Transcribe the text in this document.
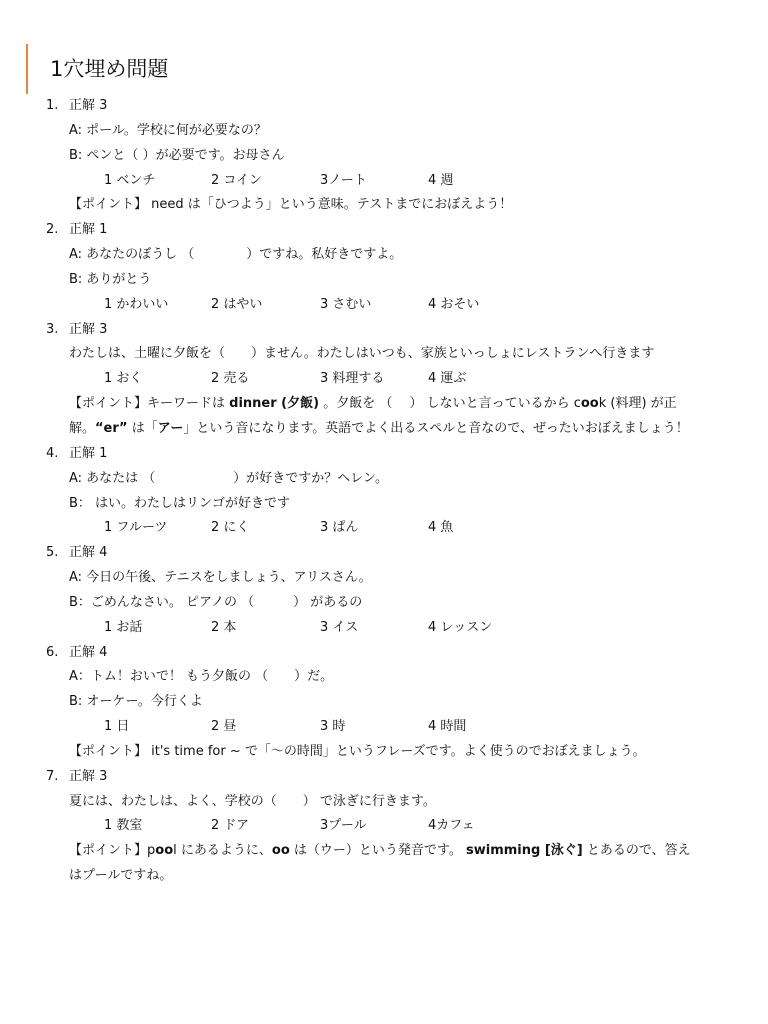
1穴埋め問題
1. 正解 3
A: ポール。学校に何が必要なの？
B: ペンと（ ）が必要です。お母さん
1 ベンチ	2 コイン	3ノート	4 週
【ポイント】 need は「ひつよう」という意味。テストまでにおぼえよう！
2. 正解 1
A: あなたのぼうし （　　　　）ですね。私好きですよ。
B: ありがとう
1 かわいい	2 はやい	3 さむい	4 おそい
3. 正解 3
わたしは、土曜に夕飯を（　　）ません。わたしはいつも、家族といっしょにレストランへ行きます
1 おく	2 売る	3 料理する	4 運ぶ
【ポイント】キーワードは dinner (夕飯) 。夕飯を （　 ） しないと言っているから cook (料理) が正
解。“er” は「アー」という音になります。英語でよく出るスペルと音なので、ぜったいおぼえましょう！
4. 正解 1
A: あなたは （　　　　　　）が好きですか？ヘレン。
B： はい。わたしはリンゴが好きです
1 フルーツ	2 にく	3 ぱん	4 魚
5. 正解 4
A: 今日の午後、テニスをしましょう、アリスさん。
B：ごめんなさい。 ピアノの （　　　） があるの
1 お話	2 本	3 イス	4 レッスン
6. 正解 4
A：トム！おいで！ もう夕飯の （　　）だ。
B: オーケー。今行くよ
1 日	2 昼	3 時	4 時間
【ポイント】 it's time for ~ で「～の時間」というフレーズです。よく使うのでおぼえましょう。
7. 正解 3
夏には、わたしは、よく、学校の（　　） で泳ぎに行きます。
1 教室	2 ドア	3プール	4カフェ
【ポイント】pool にあるように、oo は（ウー）という発音です。 swimming [泳ぐ] とあるので、答え
はプールですね。
